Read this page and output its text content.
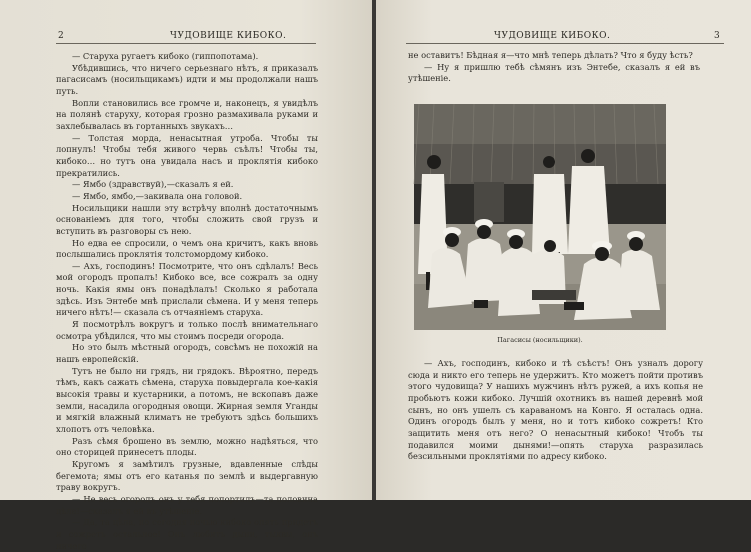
2	ЧУДОВИЩЕ КИБОКО.

— Старуха ругаетъ кибоко (гиппопотама).

Убѣдившись, что ничего серьезнаго нѣтъ, я приказалъ пагасисамъ (носильщикамъ) идти и мы продолжали нашъ путь.

Вопли становились все громче и, наконецъ, я увидѣлъ на полянѣ старуху, которая грозно размахивала руками и захлебывалась въ гортанныхъ звукахъ…

— Толстая морда, ненасытная утроба. Чтобы ты лопнулъ! Чтобы тебя живого червь съѣлъ! Чтобы ты, кибоко… но тутъ она увидала насъ и проклятія кибоко прекратились.

— Ямбо (здравствуй),—сказалъ я ей.

— Ямбо, ямбо,—закивала она головой.

Носильщики нашли эту встрѣчу вполнѣ достаточнымъ основаніемъ для того, чтобы сложить свой грузъ и вступить въ разговоры съ нею.

Но едва ее спросили, о чемъ она кричитъ, какъ вновь послышались проклятія толстомордому кибоко.

— Ахъ, господинъ! Посмотрите, что онъ сдѣлалъ! Весь мой огородъ пропалъ! Кибоко все, все сожралъ за одну ночь. Какія ямы онъ понадѣлалъ! Сколько я работала здѣсь. Изъ Энтебе мнѣ прислали сѣмена. И у меня теперь ничего нѣтъ!— сказала съ отчаяніемъ старуха.

Я посмотрѣлъ вокругъ и только послѣ внимательнаго осмотра убѣдился, что мы стоимъ посреди огорода.

Но это былъ мѣстный огородъ, совсѣмъ не похожій на нашъ европейскій.

Тутъ не было ни грядъ, ни грядокъ. Вѣроятно, передъ тѣмъ, какъ сажать сѣмена, старуха повыдергала кое-какія высокія травы и кустарники, а потомъ, не вскопавъ даже земли, насадила огородныя овощи. Жирная земля Уганды и мягкій влажный климатъ не требуютъ здѣсь большихъ хлопотъ отъ человѣка.

Разъ сѣмя брошено въ землю, можно надѣяться, что оно сторицей принесетъ плоды.

Кругомъ я замѣтилъ грузные, вдавленные слѣды бегемота; ямы отъ его катанья по землѣ и выдергавную траву вокругъ.

— Не весь огородъ онъ у тебя попортилъ—та половина цѣла!—сказалъ я ей въ утѣшеніе.

— Да, та цѣла, но сегодня ночью кибоко опять придетъ и сожретъ остальное! Онъ любитъ дыни, тыквы, онъ ничего

ЧУДОВИЩЕ КИБОКО.	3

не оставитъ! Бѣдная я—что мнѣ теперь дѣлать? Что я буду ѣсть?

— Ну я пришлю тебѣ сѣмянъ изъ Энтебе, сказалъ я ей въ утѣшеніе.

Пагасисы (носильщики).

— Ахъ, господинъ, кибоко и тѣ съѣстъ! Онъ узналъ дорогу сюда и никто его теперь не удержитъ. Кто можетъ пойти противъ этого чудовища? У нашихъ мужчинъ нѣтъ ружей, а ихъ копья не пробьютъ кожи кибоко. Лучшій охотникъ въ нашей деревнѣ мой сынъ, но онъ ушелъ съ караваномъ на Конго. Я осталась одна. Одинъ огородъ былъ у меня, но и тотъ кибоко сожретъ! Кто защитить меня отъ него? О ненасытный кибоко! Чтобъ ты подавился моими дынями!—опять старуха разразилась безсильными проклятіями по адресу кибоко.
